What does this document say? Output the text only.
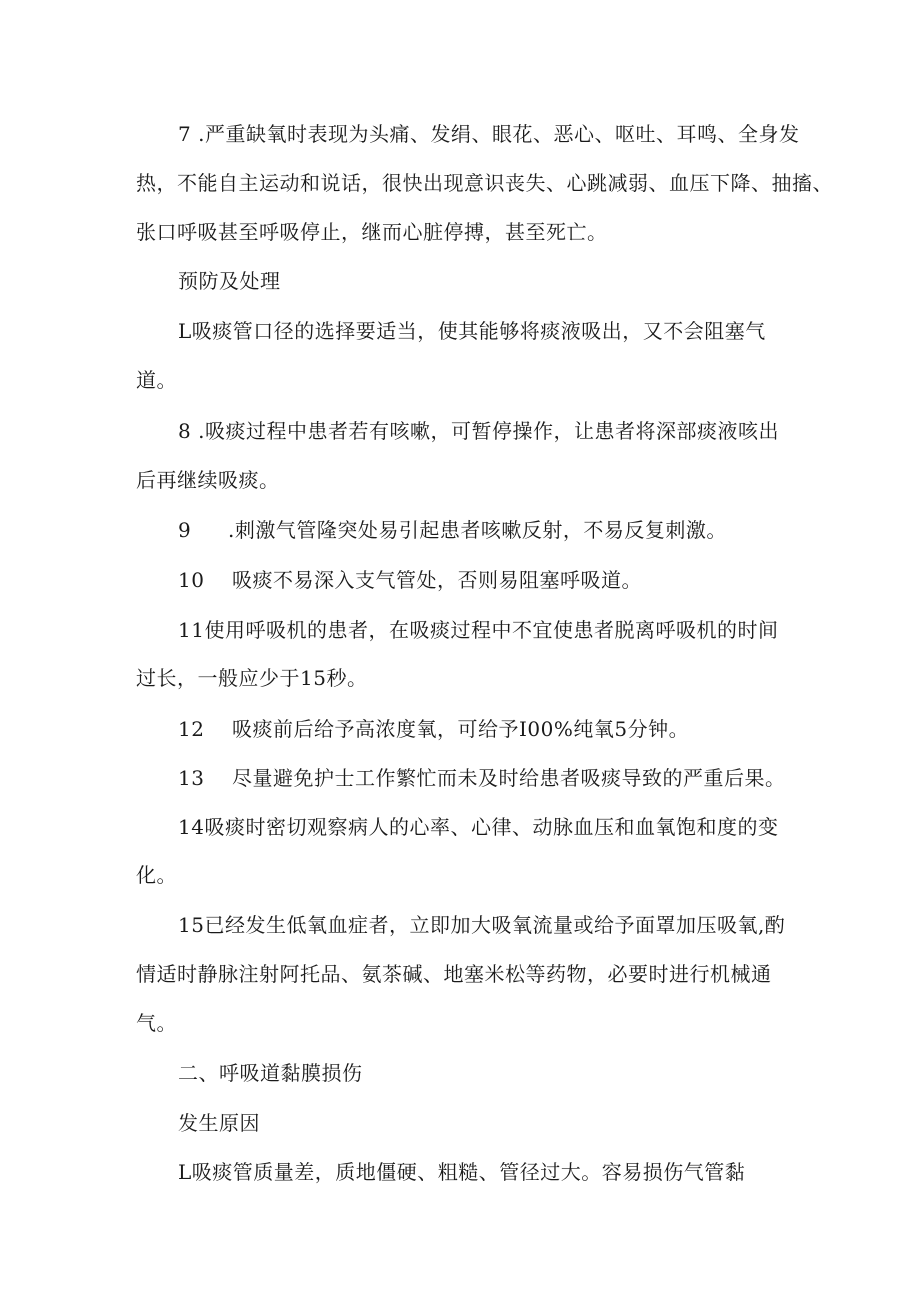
7 .严重缺氧时表现为头痛、发绢、眼花、恶心、呕吐、耳鸣、全身发
热，不能自主运动和说话，很快出现意识丧失、心跳减弱、血压下降、抽搐、
张口呼吸甚至呼吸停止，继而心脏停搏，甚至死亡。
预防及处理
L吸痰管口径的选择要适当，使其能够将痰液吸出，又不会阻塞气
道。
8 .吸痰过程中患者若有咳嗽，可暂停操作，让患者将深部痰液咳出
后再继续吸痰。
9 .刺激气管隆突处易引起患者咳嗽反射，不易反复刺激。
10 吸痰不易深入支气管处，否则易阻塞呼吸道。
11使用呼吸机的患者，在吸痰过程中不宜使患者脱离呼吸机的时间
过长，一般应少于15秒。
12 吸痰前后给予高浓度氧，可给予I00%纯氧5分钟。
13 尽量避免护士工作繁忙而未及时给患者吸痰导致的严重后果。
14吸痰时密切观察病人的心率、心律、动脉血压和血氧饱和度的变
化。
15已经发生低氧血症者，立即加大吸氧流量或给予面罩加压吸氧,酌
情适时静脉注射阿托品、氨茶碱、地塞米松等药物，必要时进行机械通
气。
二、呼吸道黏膜损伤
发生原因
L吸痰管质量差，质地僵硬、粗糙、管径过大。容易损伤气管黏
